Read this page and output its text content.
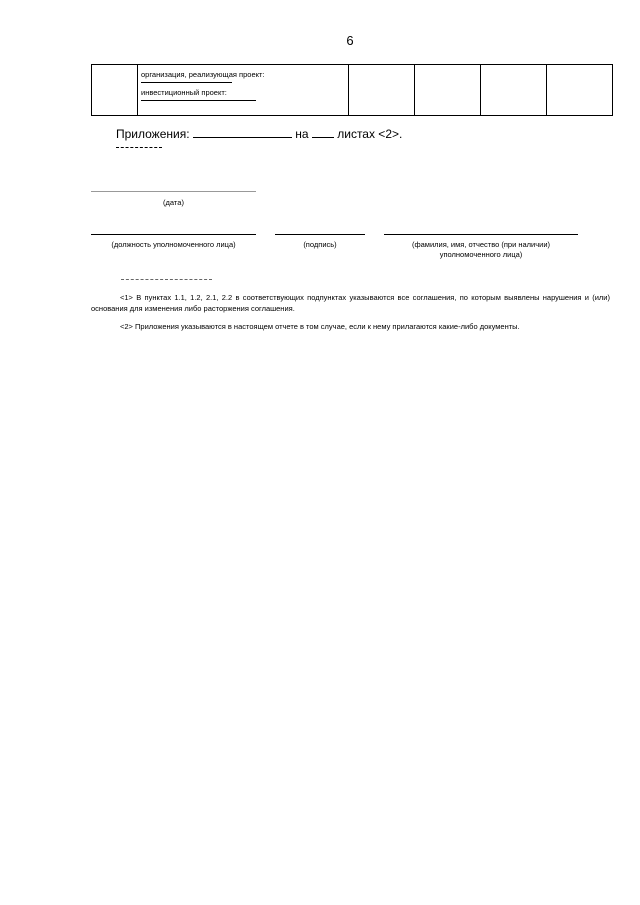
6

организация, реализующая проект:
инвестиционный проект:

Приложения:	на листах <2>.
(дата)
(должность уполномоченного лица)	(подпись)	(фамилия, имя, отчество (при наличии)
уполномоченного лица)
<1> В пунктах 1.1, 1.2, 2.1, 2.2 в соответствующих подпунктах указываются все соглашения, по которым выявлены нарушения и (или) основания для изменения либо расторжения соглашения.
<2> Приложения указываются в настоящем отчете в том случае, если к нему прилагаются какие-либо документы.
